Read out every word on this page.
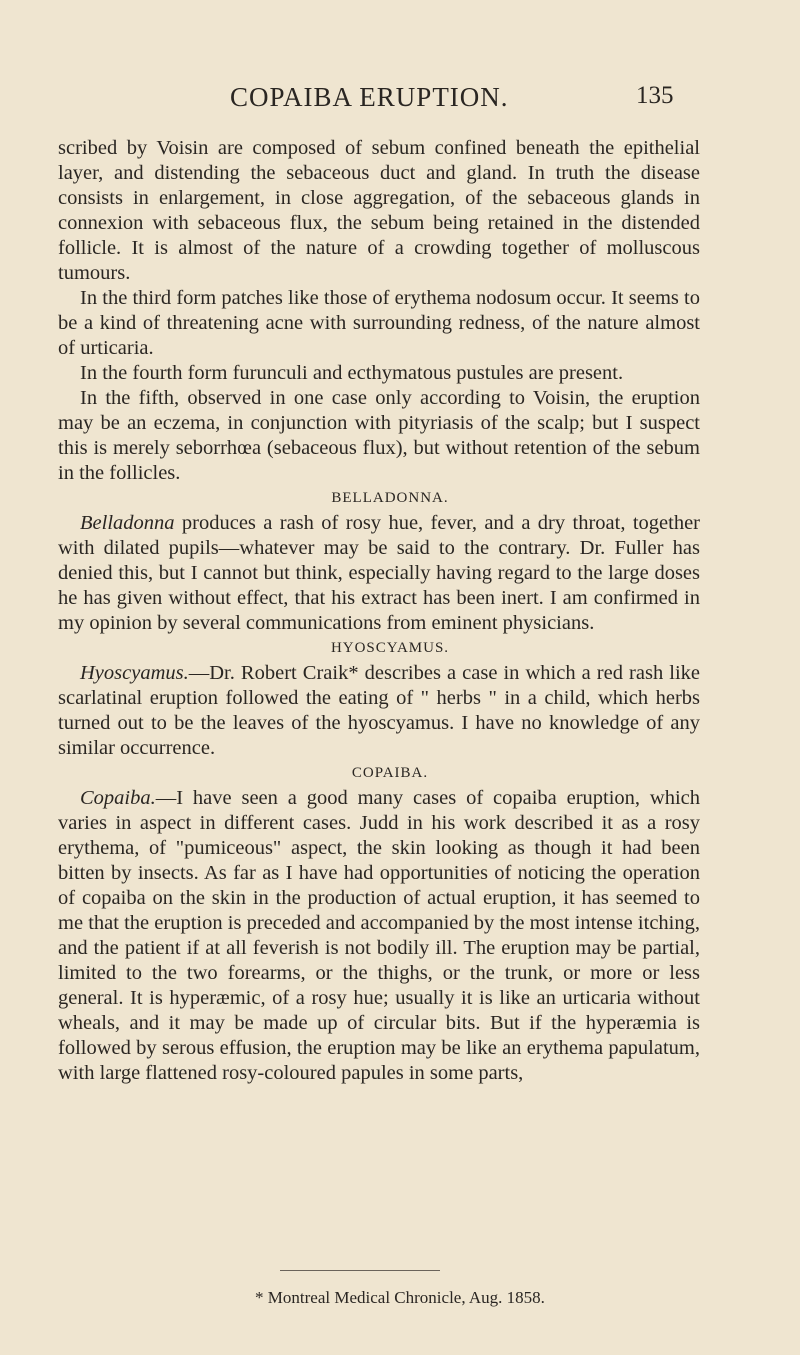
COPAIBA ERUPTION.	135

scribed by Voisin are composed of sebum confined beneath the epithelial layer, and distending the sebaceous duct and gland. In truth the disease consists in enlargement, in close aggregation, of the sebaceous glands in connexion with sebaceous flux, the sebum being retained in the distended follicle. It is almost of the nature of a crowding together of molluscous tumours.

In the third form patches like those of erythema nodosum occur. It seems to be a kind of threatening acne with surrounding redness, of the nature almost of urticaria.

In the fourth form furunculi and ecthymatous pustules are present.

In the fifth, observed in one case only according to Voisin, the eruption may be an eczema, in conjunction with pityriasis of the scalp; but I suspect this is merely seborrhœa (sebaceous flux), but without retention of the sebum in the follicles.

BELLADONNA.

Belladonna produces a rash of rosy hue, fever, and a dry throat, together with dilated pupils—whatever may be said to the contrary. Dr. Fuller has denied this, but I cannot but think, especially having regard to the large doses he has given without effect, that his extract has been inert. I am confirmed in my opinion by several communications from eminent physicians.

HYOSCYAMUS.

Hyoscyamus.—Dr. Robert Craik* describes a case in which a red rash like scarlatinal eruption followed the eating of " herbs " in a child, which herbs turned out to be the leaves of the hyoscyamus. I have no knowledge of any similar occurrence.

COPAIBA.

Copaiba.—I have seen a good many cases of copaiba eruption, which varies in aspect in different cases. Judd in his work described it as a rosy erythema, of "pumiceous" aspect, the skin looking as though it had been bitten by insects. As far as I have had opportunities of noticing the operation of copaiba on the skin in the production of actual eruption, it has seemed to me that the eruption is preceded and accompanied by the most intense itching, and the patient if at all feverish is not bodily ill. The eruption may be partial, limited to the two forearms, or the thighs, or the trunk, or more or less general. It is hyperæmic, of a rosy hue; usually it is like an urticaria without wheals, and it may be made up of circular bits. But if the hyperæmia is followed by serous effusion, the eruption may be like an erythema papulatum, with large flattened rosy-coloured papules in some parts,

* Montreal Medical Chronicle, Aug. 1858.
